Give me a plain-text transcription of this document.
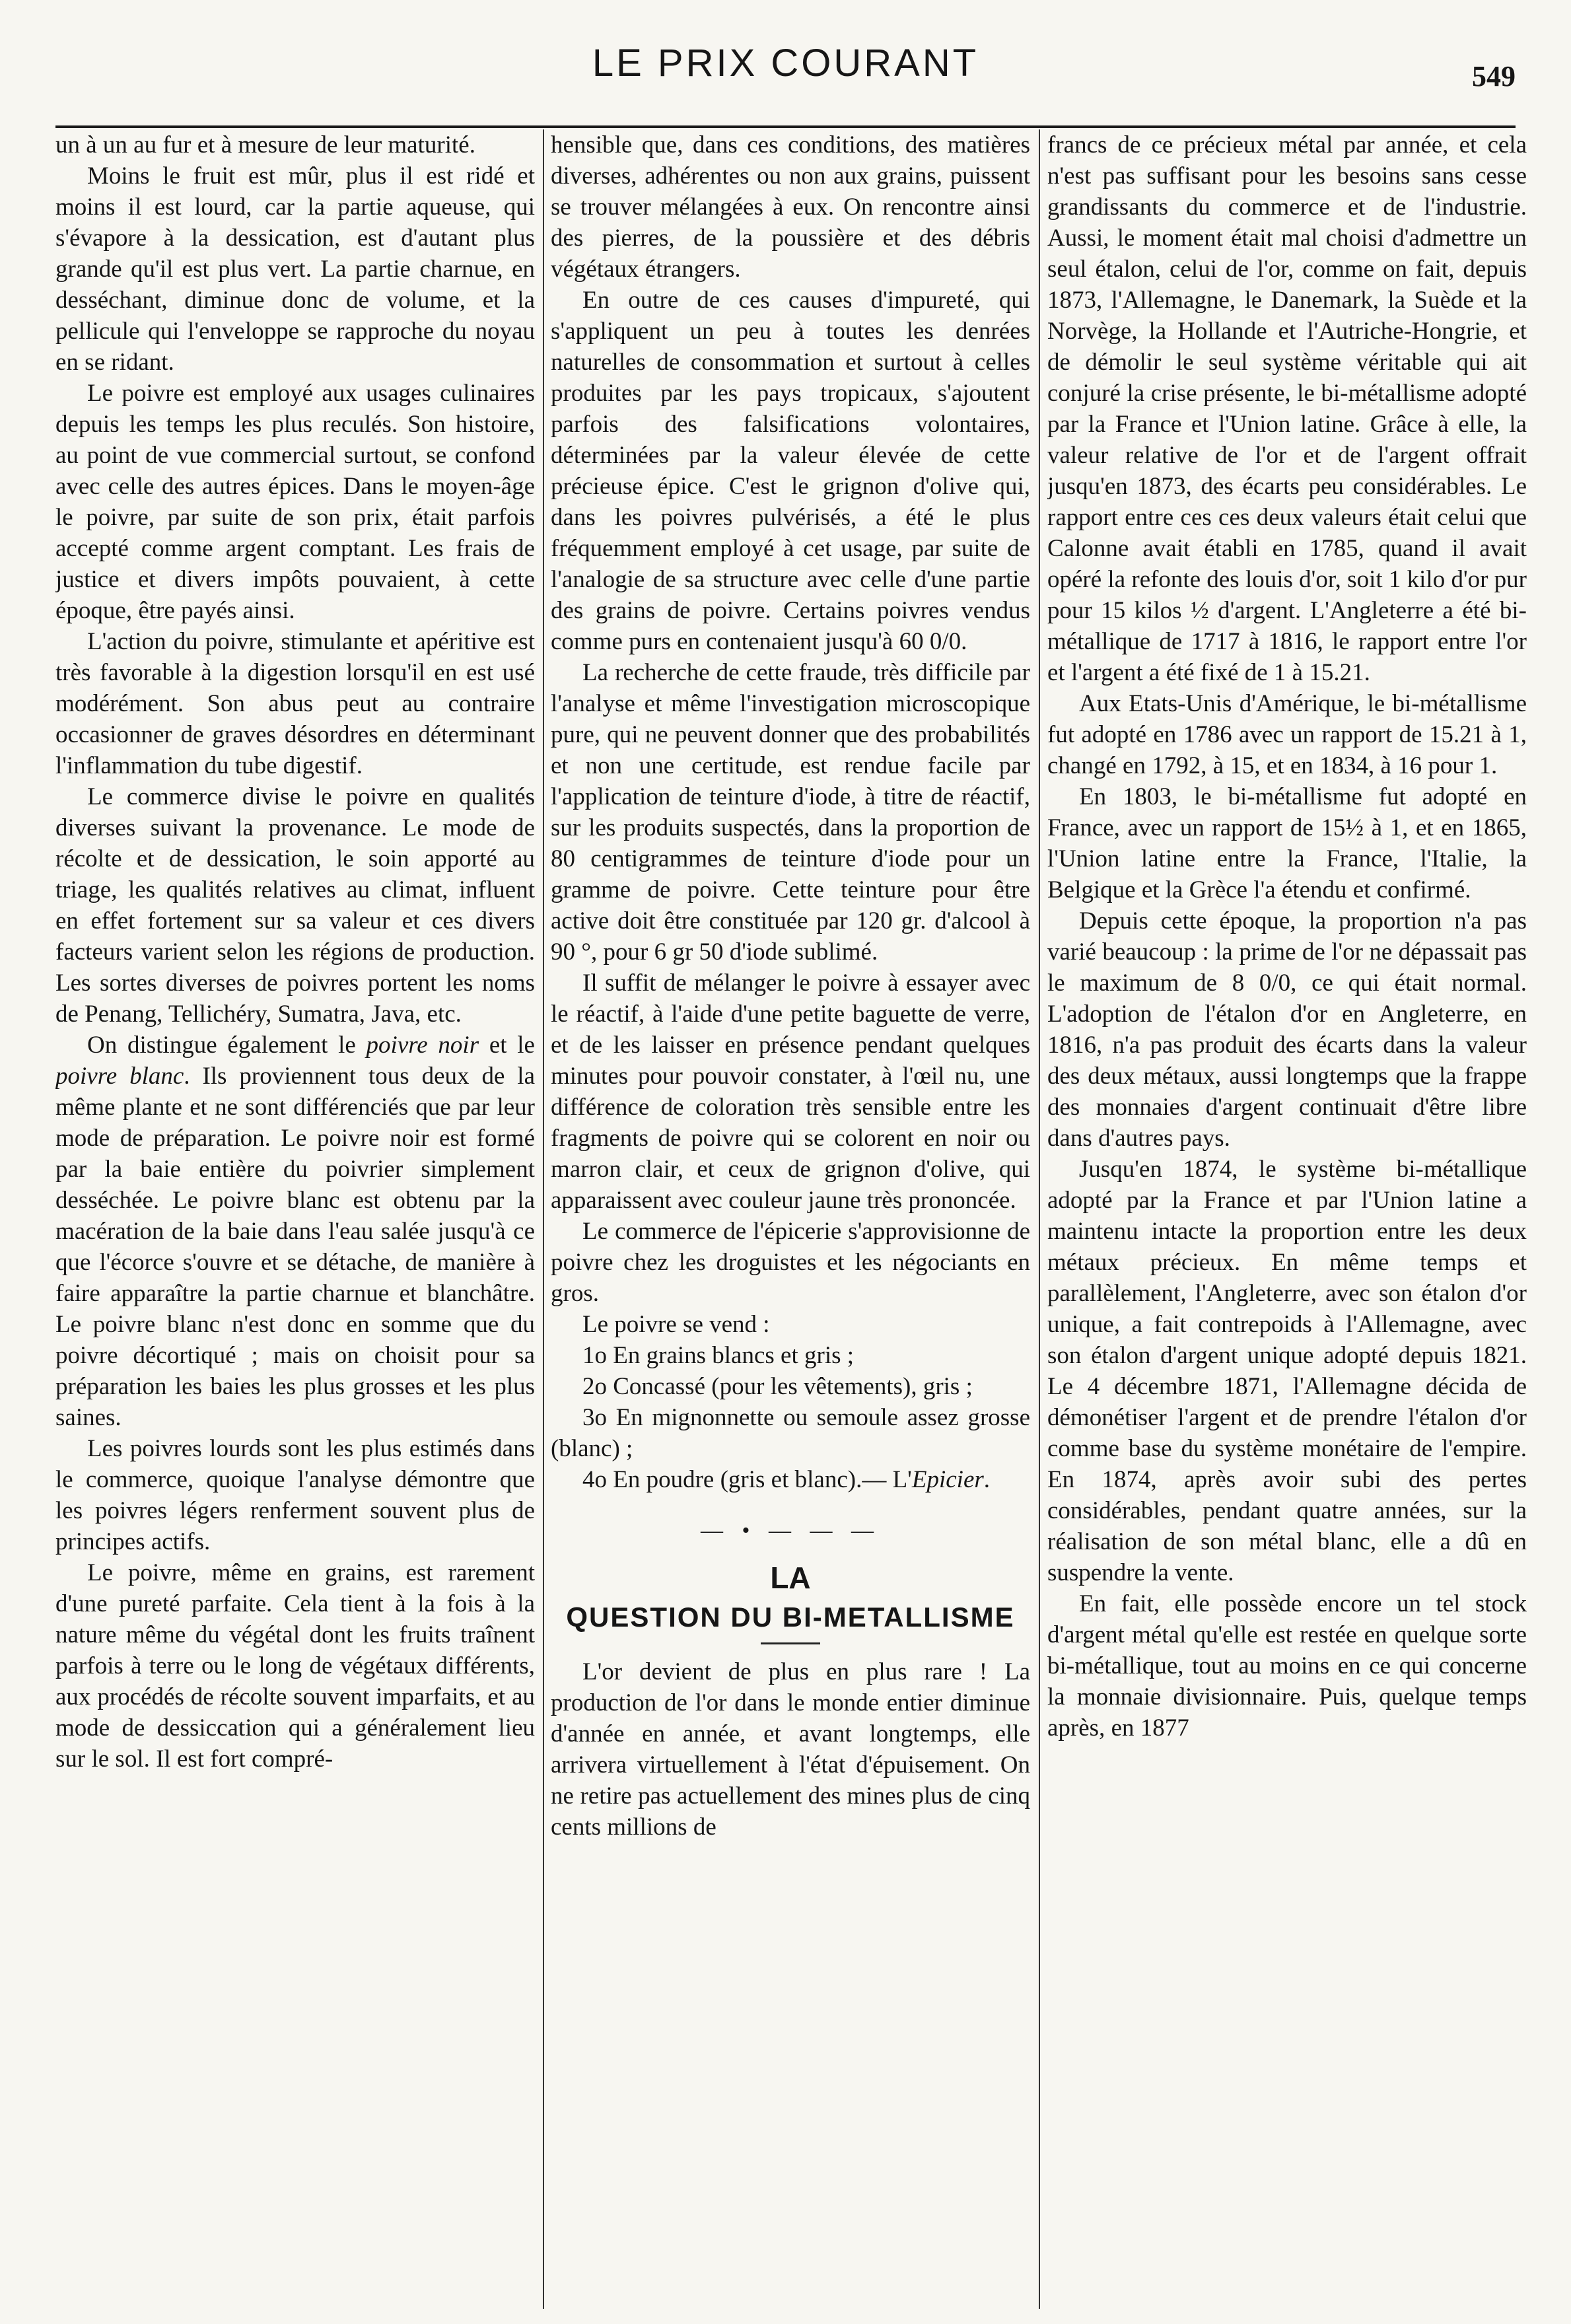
LE PRIX COURANT	549

un à un au fur et à mesure de leur maturité.

Moins le fruit est mûr, plus il est ridé et moins il est lourd, car la partie aqueuse, qui s'évapore à la dessication, est d'autant plus grande qu'il est plus vert. La partie charnue, en desséchant, diminue donc de volume, et la pellicule qui l'enveloppe se rapproche du noyau en se ridant.

Le poivre est employé aux usages culinaires depuis les temps les plus reculés. Son histoire, au point de vue commercial surtout, se confond avec celle des autres épices. Dans le moyen-âge le poivre, par suite de son prix, était parfois accepté comme argent comptant. Les frais de justice et divers impôts pouvaient, à cette époque, être payés ainsi.

L'action du poivre, stimulante et apéritive est très favorable à la digestion lorsqu'il en est usé modérément. Son abus peut au contraire occasionner de graves désordres en déterminant l'inflammation du tube digestif.

Le commerce divise le poivre en qualités diverses suivant la provenance. Le mode de récolte et de dessication, le soin apporté au triage, les qualités relatives au climat, influent en effet fortement sur sa valeur et ces divers facteurs varient selon les régions de production. Les sortes diverses de poivres portent les noms de Penang, Tellichéry, Sumatra, Java, etc.

On distingue également le poivre noir et le poivre blanc. Ils proviennent tous deux de la même plante et ne sont différenciés que par leur mode de préparation. Le poivre noir est formé par la baie entière du poivrier simplement desséchée. Le poivre blanc est obtenu par la macération de la baie dans l'eau salée jusqu'à ce que l'écorce s'ouvre et se détache, de manière à faire apparaître la partie charnue et blanchâtre. Le poivre blanc n'est donc en somme que du poivre décortiqué ; mais on choisit pour sa préparation les baies les plus grosses et les plus saines.

Les poivres lourds sont les plus estimés dans le commerce, quoique l'analyse démontre que les poivres légers renferment souvent plus de principes actifs.

Le poivre, même en grains, est rarement d'une pureté parfaite. Cela tient à la fois à la nature même du végétal dont les fruits traînent parfois à terre ou le long de végétaux différents, aux procédés de récolte souvent imparfaits, et au mode de dessiccation qui a généralement lieu sur le sol. Il est fort compré-

hensible que, dans ces conditions, des matières diverses, adhérentes ou non aux grains, puissent se trouver mélangées à eux. On rencontre ainsi des pierres, de la poussière et des débris végétaux étrangers.

En outre de ces causes d'impureté, qui s'appliquent un peu à toutes les denrées naturelles de consommation et surtout à celles produites par les pays tropicaux, s'ajoutent parfois des falsifications volontaires, déterminées par la valeur élevée de cette précieuse épice. C'est le grignon d'olive qui, dans les poivres pulvérisés, a été le plus fréquemment employé à cet usage, par suite de l'analogie de sa structure avec celle d'une partie des grains de poivre. Certains poivres vendus comme purs en contenaient jusqu'à 60 0/0.

La recherche de cette fraude, très difficile par l'analyse et même l'investigation microscopique pure, qui ne peuvent donner que des probabilités et non une certitude, est rendue facile par l'application de teinture d'iode, à titre de réactif, sur les produits suspectés, dans la proportion de 80 centigrammes de teinture d'iode pour un gramme de poivre. Cette teinture pour être active doit être constituée par 120 gr. d'alcool à 90 °, pour 6 gr 50 d'iode sublimé.

Il suffit de mélanger le poivre à essayer avec le réactif, à l'aide d'une petite baguette de verre, et de les laisser en présence pendant quelques minutes pour pouvoir constater, à l'œil nu, une différence de coloration très sensible entre les fragments de poivre qui se colorent en noir ou marron clair, et ceux de grignon d'olive, qui apparaissent avec couleur jaune très prononcée.

Le commerce de l'épicerie s'approvisionne de poivre chez les droguistes et les négociants en gros.

Le poivre se vend :

1o En grains blancs et gris ;

2o Concassé (pour les vêtements), gris ;

3o En mignonnette ou semoule assez grosse (blanc) ;

4o En poudre (gris et blanc).— L'Epicier.

— • — — —
LA
QUESTION DU BI-METALLISME

L'or devient de plus en plus rare ! La production de l'or dans le monde entier diminue d'année en année, et avant longtemps, elle arrivera virtuellement à l'état d'épuisement. On ne retire pas actuellement des mines plus de cinq cents millions de

francs de ce précieux métal par année, et cela n'est pas suffisant pour les besoins sans cesse grandissants du commerce et de l'industrie. Aussi, le moment était mal choisi d'admettre un seul étalon, celui de l'or, comme on fait, depuis 1873, l'Allemagne, le Danemark, la Suède et la Norvège, la Hollande et l'Autriche-Hongrie, et de démolir le seul système véritable qui ait conjuré la crise présente, le bi-métallisme adopté par la France et l'Union latine. Grâce à elle, la valeur relative de l'or et de l'argent offrait jusqu'en 1873, des écarts peu considérables. Le rapport entre ces ces deux valeurs était celui que Calonne avait établi en 1785, quand il avait opéré la refonte des louis d'or, soit 1 kilo d'or pur pour 15 kilos ½ d'argent. L'Angleterre a été bi-métallique de 1717 à 1816, le rapport entre l'or et l'argent a été fixé de 1 à 15.21.

Aux Etats-Unis d'Amérique, le bi-métallisme fut adopté en 1786 avec un rapport de 15.21 à 1, changé en 1792, à 15, et en 1834, à 16 pour 1.

En 1803, le bi-métallisme fut adopté en France, avec un rapport de 15½ à 1, et en 1865, l'Union latine entre la France, l'Italie, la Belgique et la Grèce l'a étendu et confirmé.

Depuis cette époque, la proportion n'a pas varié beaucoup : la prime de l'or ne dépassait pas le maximum de 8 0/0, ce qui était normal. L'adoption de l'étalon d'or en Angleterre, en 1816, n'a pas produit des écarts dans la valeur des deux métaux, aussi longtemps que la frappe des monnaies d'argent continuait d'être libre dans d'autres pays.

Jusqu'en 1874, le système bi-métallique adopté par la France et par l'Union latine a maintenu intacte la proportion entre les deux métaux précieux. En même temps et parallèlement, l'Angleterre, avec son étalon d'or unique, a fait contrepoids à l'Allemagne, avec son étalon d'argent unique adopté depuis 1821. Le 4 décembre 1871, l'Allemagne décida de démonétiser l'argent et de prendre l'étalon d'or comme base du système monétaire de l'empire. En 1874, après avoir subi des pertes considérables, pendant quatre années, sur la réalisation de son métal blanc, elle a dû en suspendre la vente.

En fait, elle possède encore un tel stock d'argent métal qu'elle est restée en quelque sorte bi-métallique, tout au moins en ce qui concerne la monnaie divisionnaire. Puis, quelque temps après, en 1877
